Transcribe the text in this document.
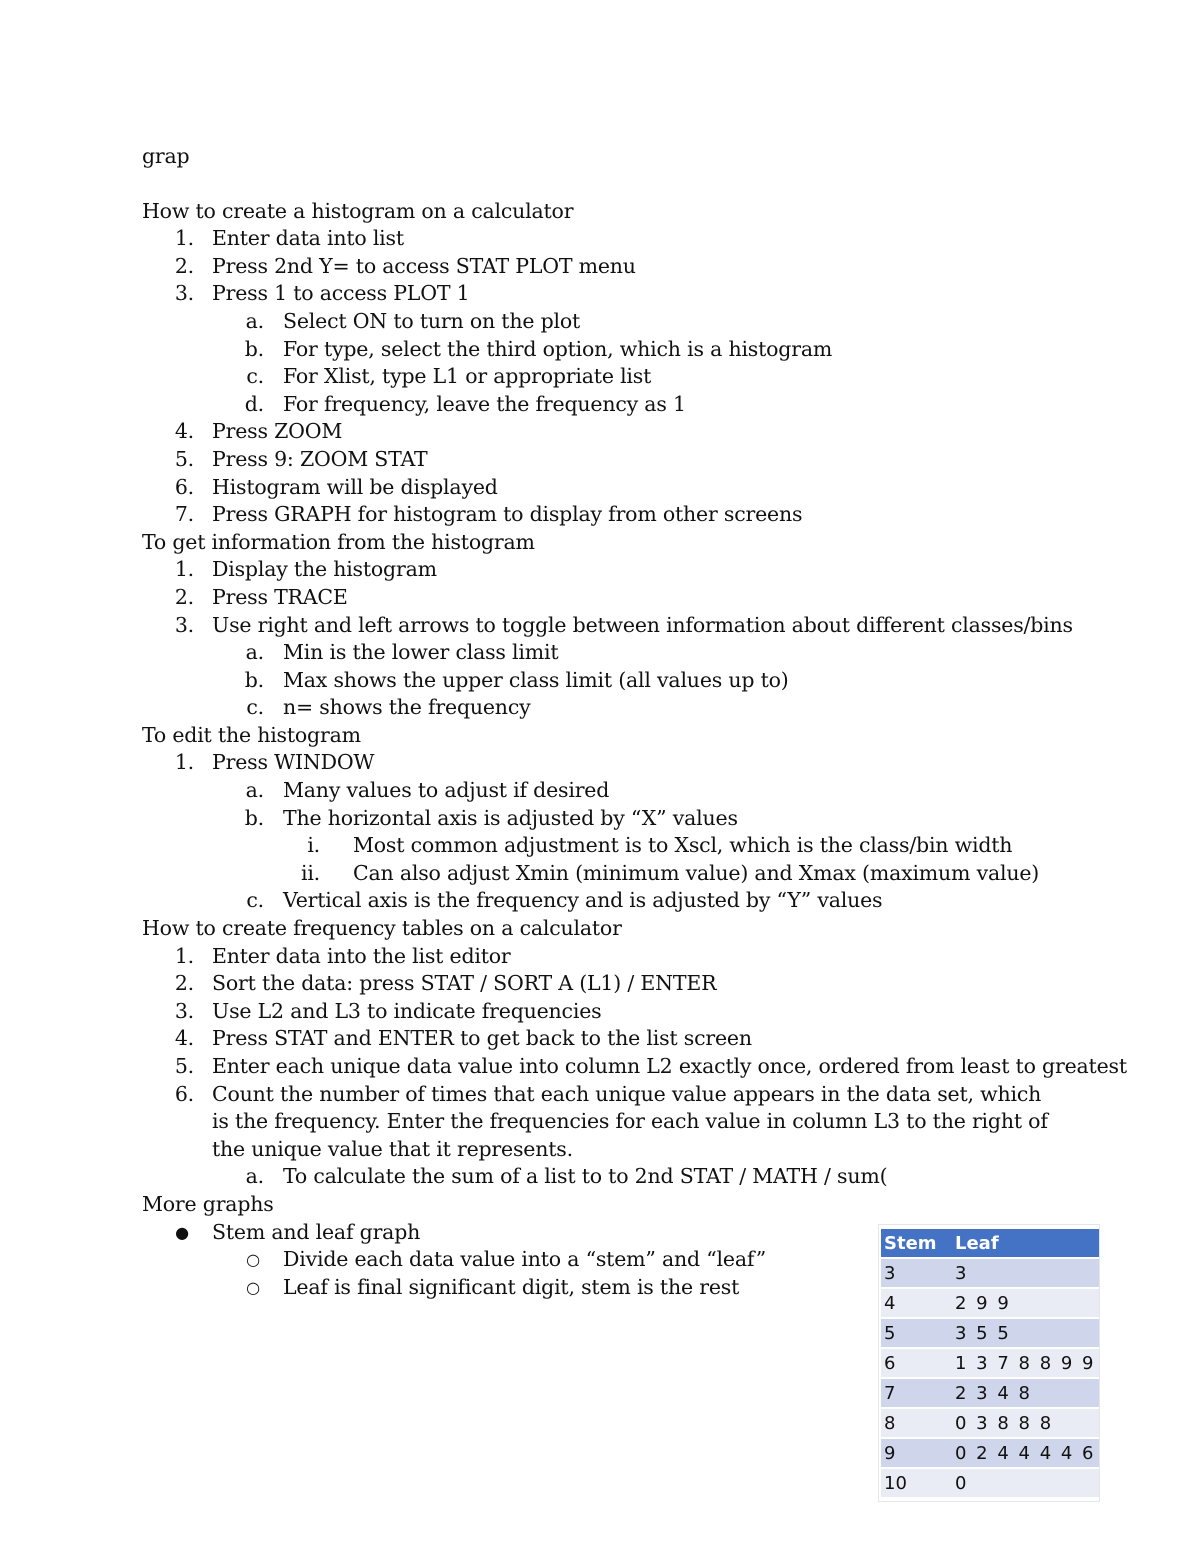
grap
How to create a histogram on a calculator
1. Enter data into list
2. Press 2nd Y= to access STAT PLOT menu
3. Press 1 to access PLOT 1
a. Select ON to turn on the plot
b. For type, select the third option, which is a histogram
c. For Xlist, type L1 or appropriate list
d. For frequency, leave the frequency as 1
4. Press ZOOM
5. Press 9: ZOOM STAT
6. Histogram will be displayed
7. Press GRAPH for histogram to display from other screens
To get information from the histogram
1. Display the histogram
2. Press TRACE
3. Use right and left arrows to toggle between information about different classes/bins
a. Min is the lower class limit
b. Max shows the upper class limit (all values up to)
c. n= shows the frequency
To edit the histogram
1. Press WINDOW
a. Many values to adjust if desired
b. The horizontal axis is adjusted by “X” values
i. Most common adjustment is to Xscl, which is the class/bin width
ii. Can also adjust Xmin (minimum value) and Xmax (maximum value)
c. Vertical axis is the frequency and is adjusted by “Y” values
How to create frequency tables on a calculator
1. Enter data into the list editor
2. Sort the data: press STAT / SORT A (L1) / ENTER
3. Use L2 and L3 to indicate frequencies
4. Press STAT and ENTER to get back to the list screen
5. Enter each unique data value into column L2 exactly once, ordered from least to greatest
6. Count the number of times that each unique value appears in the data set, which is the frequency. Enter the frequencies for each value in column L3 to the right of the unique value that it represents.
a. To calculate the sum of a list to to 2nd STAT / MATH / sum(
More graphs
● Stem and leaf graph
○ Divide each data value into a “stem” and “leaf”
○ Leaf is final significant digit, stem is the rest
Stem	Leaf
3	3
4	2 9 9
5	3 5 5
6	1 3 7 8 8 9 9
7	2 3 4 8
8	0 3 8 8 8
9	0 2 4 4 4 4 6
10	0
